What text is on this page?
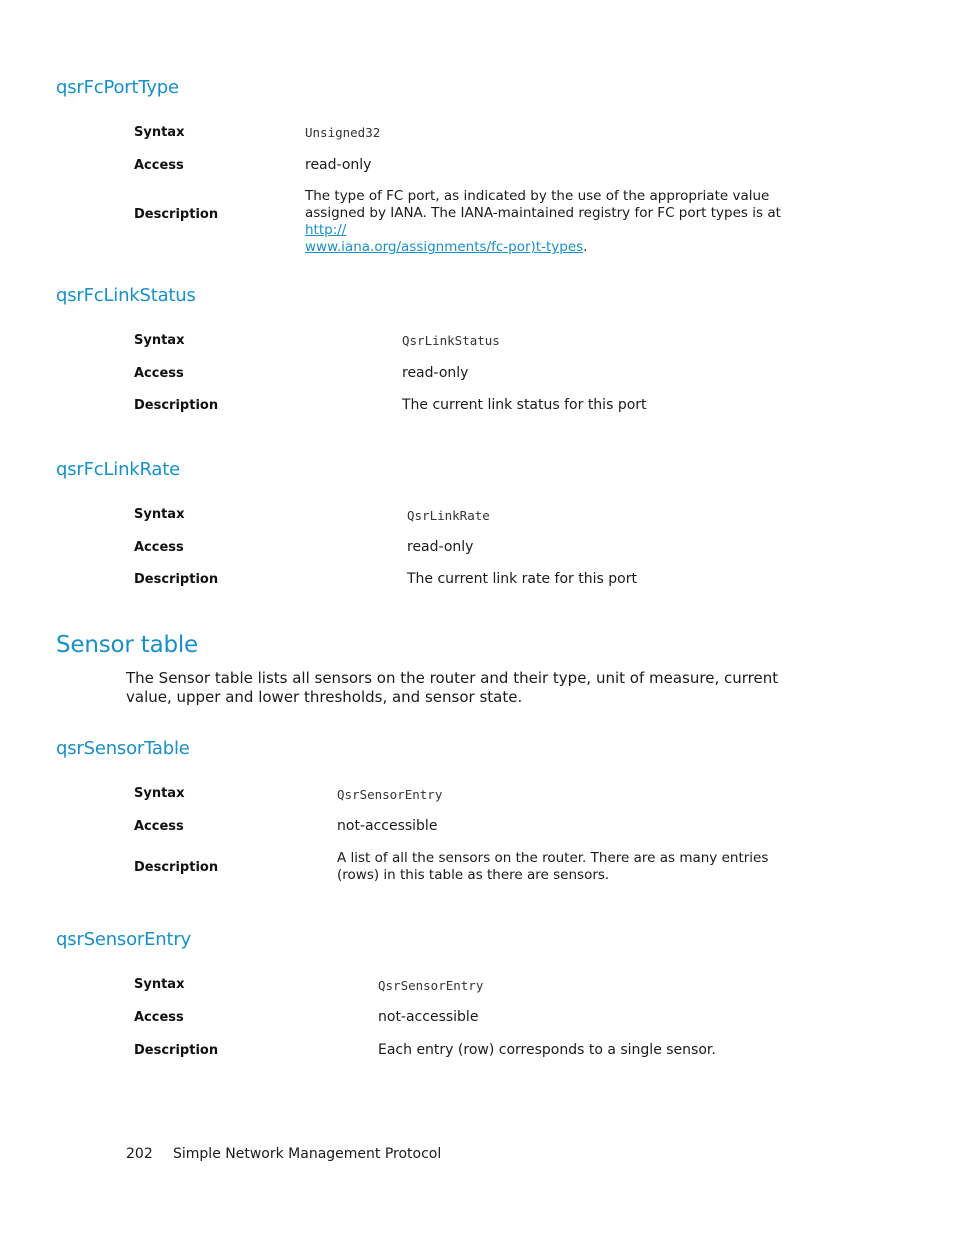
qsrFcPortType
Syntax	Unsigned32
Access	read-only
Description
The type of FC port, as indicated by the use of the appropriate value assigned by IANA. The IANA-maintained registry for FC port types is at http://
www.iana.org/assignments/fc-por)t-types.
qsrFcLinkStatus
Syntax	QsrLinkStatus
Access	read-only
Description	The current link status for this port
qsrFcLinkRate
Syntax	QsrLinkRate
Access	read-only
Description	The current link rate for this port
Sensor table
The Sensor table lists all sensors on the router and their type, unit of measure, current value, upper and lower thresholds, and sensor state.
qsrSensorTable
Syntax	QsrSensorEntry
Access	not-accessible
Description
A list of all the sensors on the router. There are as many entries (rows) in this table as there are sensors.
qsrSensorEntry
Syntax	QsrSensorEntry
Access	not-accessible
Description	Each entry (row) corresponds to a single sensor.
202 Simple Network Management Protocol
